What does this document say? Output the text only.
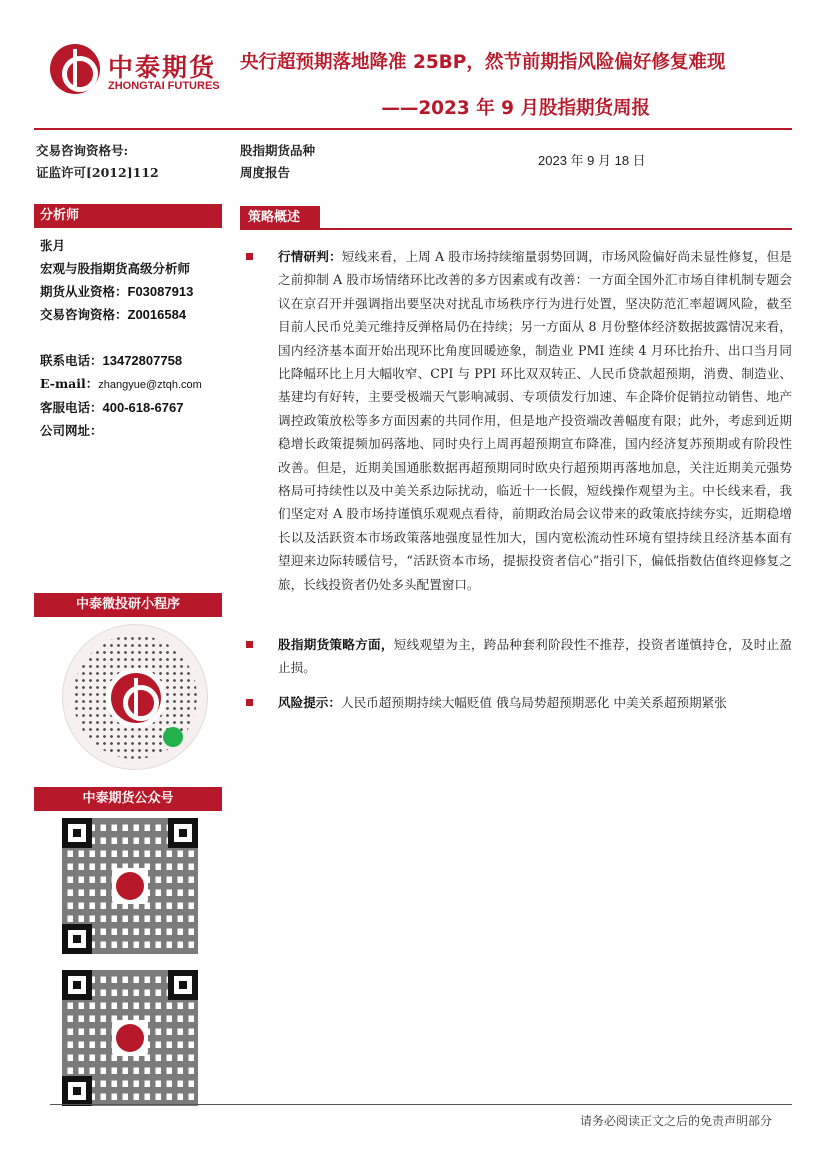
中泰期货
ZHONGTAI FUTURES
央行超预期落地降准 25BP，然节前期指风险偏好修复难现
——2023 年 9 月股指期货周报
交易咨询资格号:
证监许可[2012]112
股指期货品种
周度报告
2023 年 9 月 18 日
分析师
张月
宏观与股指期货高级分析师
期货从业资格：F03087913
交易咨询资格：Z0016584
联系电话：13472807758
E-mail：zhangyue@ztqh.com
客服电话：400-618-6767
公司网址：
中泰微投研小程序
中泰期货公众号
策略概述

行情研判：短线来看，上周 A 股市场持续缩量弱势回调，市场风险偏好尚未显性修复，但是之前抑制 A 股市场情绪环比改善的多方因素或有改善：一方面全国外汇市场自律机制专题会议在京召开并强调指出要坚决对扰乱市场秩序行为进行处置，坚决防范汇率超调风险，截至目前人民币兑美元维持反弹格局仍在持续；另一方面从 8 月份整体经济数据披露情况来看，国内经济基本面开始出现环比角度回暖迹象，制造业 PMI 连续 4 月环比抬升、出口当月同比降幅环比上月大幅收窄、CPI 与 PPI 环比双双转正、人民币贷款超预期，消费、制造业、基建均有好转，主要受极端天气影响减弱、专项债发行加速、车企降价促销拉动销售、地产调控政策放松等多方面因素的共同作用，但是地产投资端改善幅度有限；此外，考虑到近期稳增长政策提频加码落地、同时央行上周再超预期宣布降准，国内经济复苏预期或有阶段性改善。但是，近期美国通胀数据再超预期同时欧央行超预期再落地加息，关注近期美元强势格局可持续性以及中美关系边际扰动，临近十一长假，短线操作观望为主。中长线来看，我们坚定对 A 股市场持谨慎乐观观点看待，前期政治局会议带来的政策底持续夯实，近期稳增长以及活跃资本市场政策落地强度显性加大，国内宽松流动性环境有望持续且经济基本面有望迎来边际转暖信号，“活跃资本市场，提振投资者信心”指引下，偏低指数估值终迎修复之旅，长线投资者仍处多头配置窗口。

股指期货策略方面，短线观望为主，跨品种套利阶段性不推荐，投资者谨慎持仓，及时止盈止损。

风险提示：人民币超预期持续大幅贬值 俄乌局势超预期恶化 中美关系超预期紧张

请务必阅读正文之后的免责声明部分
